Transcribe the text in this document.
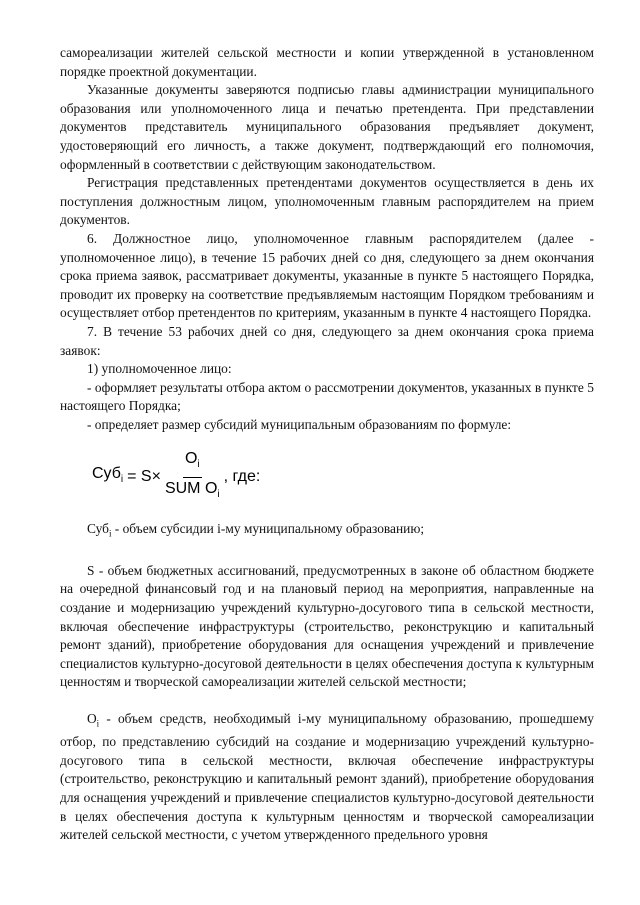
самореализации жителей сельской местности и копии утвержденной в установленном порядке проектной документации.

Указанные документы заверяются подписью главы администрации муниципального образования или уполномоченного лица и печатью претендента. При представлении документов представитель муниципального образования предъявляет документ, удостоверяющий его личность, а также документ, подтверждающий его полномочия, оформленный в соответствии с действующим законодательством.

Регистрация представленных претендентами документов осуществляется в день их поступления должностным лицом, уполномоченным главным распорядителем на прием документов.

6. Должностное лицо, уполномоченное главным распорядителем (далее - уполномоченное лицо), в течение 15 рабочих дней со дня, следующего за днем окончания срока приема заявок, рассматривает документы, указанные в пункте 5 настоящего Порядка, проводит их проверку на соответствие предъявляемым настоящим Порядком требованиям и осуществляет отбор претендентов по критериям, указанным в пункте 4 настоящего Порядка.

7. В течение 53 рабочих дней со дня, следующего за днем окончания срока приема заявок:

1) уполномоченное лицо:

- оформляет результаты отбора актом о рассмотрении документов, указанных в пункте 5 настоящего Порядка;

- определяет размер субсидий муниципальным образованиям по формуле:

$Суб_i = S\times \frac{O_i}{SUM O_i}$ , где:

Суб$_i$ - объем субсидии i-му муниципальному образованию;

S - объем бюджетных ассигнований, предусмотренных в законе об областном бюджете на очередной финансовый год и на плановый период на мероприятия, направленные на создание и модернизацию учреждений культурно-досугового типа в сельской местности, включая обеспечение инфраструктуры (строительство, реконструкцию и капитальный ремонт зданий), приобретение оборудования для оснащения учреждений и привлечение специалистов культурно-досуговой деятельности в целях обеспечения доступа к культурным ценностям и творческой самореализации жителей сельской местности;

$O_i$ - объем средств, необходимый i-му муниципальному образованию, прошедшему отбор, по представлению субсидий на создание и модернизацию учреждений культурно-досугового типа в сельской местности, включая обеспечение инфраструктуры (строительство, реконструкцию и капитальный ремонт зданий), приобретение оборудования для оснащения учреждений и привлечение специалистов культурно-досуговой деятельности в целях обеспечения доступа к культурным ценностям и творческой самореализации жителей сельской местности, с учетом утвержденного предельного уровня
